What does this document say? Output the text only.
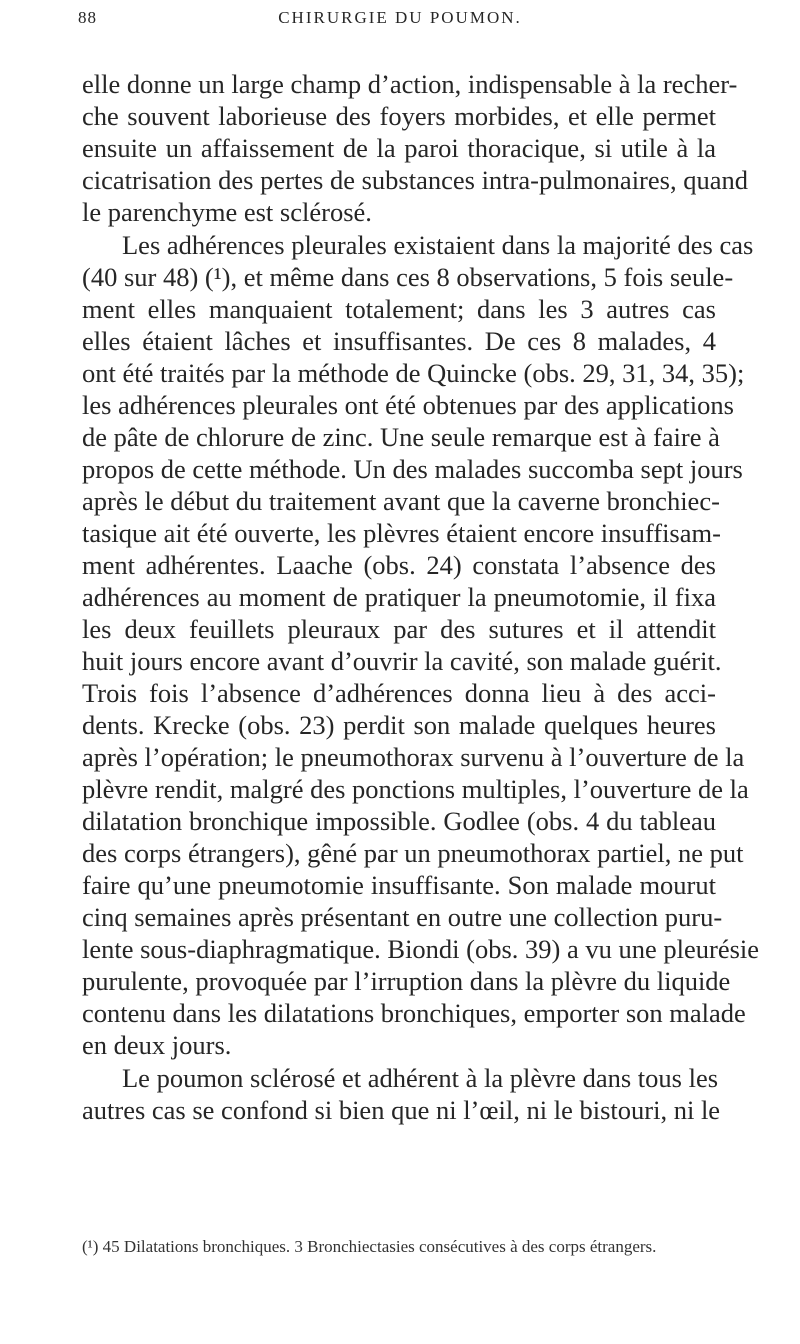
88	CHIRURGIE DU POUMON.
elle donne un large champ d’action, indispensable à la recher-
che souvent laborieuse des foyers morbides, et elle permet
ensuite un affaissement de la paroi thoracique, si utile à la
cicatrisation des pertes de substances intra-pulmonaires, quand
le parenchyme est sclérosé.
Les adhérences pleurales existaient dans la majorité des cas
(40 sur 48) (¹), et même dans ces 8 observations, 5 fois seule-
ment elles manquaient totalement; dans les 3 autres cas
elles étaient lâches et insuffisantes. De ces 8 malades, 4
ont été traités par la méthode de Quincke (obs. 29, 31, 34, 35);
les adhérences pleurales ont été obtenues par des applications
de pâte de chlorure de zinc. Une seule remarque est à faire à
propos de cette méthode. Un des malades succomba sept jours
après le début du traitement avant que la caverne bronchiec-
tasique ait été ouverte, les plèvres étaient encore insuffisam-
ment adhérentes. Laache (obs. 24) constata l’absence des
adhérences au moment de pratiquer la pneumotomie, il fixa
les deux feuillets pleuraux par des sutures et il attendit
huit jours encore avant d’ouvrir la cavité, son malade guérit.
Trois fois l’absence d’adhérences donna lieu à des acci-
dents. Krecke (obs. 23) perdit son malade quelques heures
après l’opération; le pneumothorax survenu à l’ouverture de la
plèvre rendit, malgré des ponctions multiples, l’ouverture de la
dilatation bronchique impossible. Godlee (obs. 4 du tableau
des corps étrangers), gêné par un pneumothorax partiel, ne put
faire qu’une pneumotomie insuffisante. Son malade mourut
cinq semaines après présentant en outre une collection puru-
lente sous-diaphragmatique. Biondi (obs. 39) a vu une pleurésie
purulente, provoquée par l’irruption dans la plèvre du liquide
contenu dans les dilatations bronchiques, emporter son malade
en deux jours.
Le poumon sclérosé et adhérent à la plèvre dans tous les
autres cas se confond si bien que ni l’œil, ni le bistouri, ni le
(¹) 45 Dilatations bronchiques. 3 Bronchiectasies consécutives à des corps étrangers.
